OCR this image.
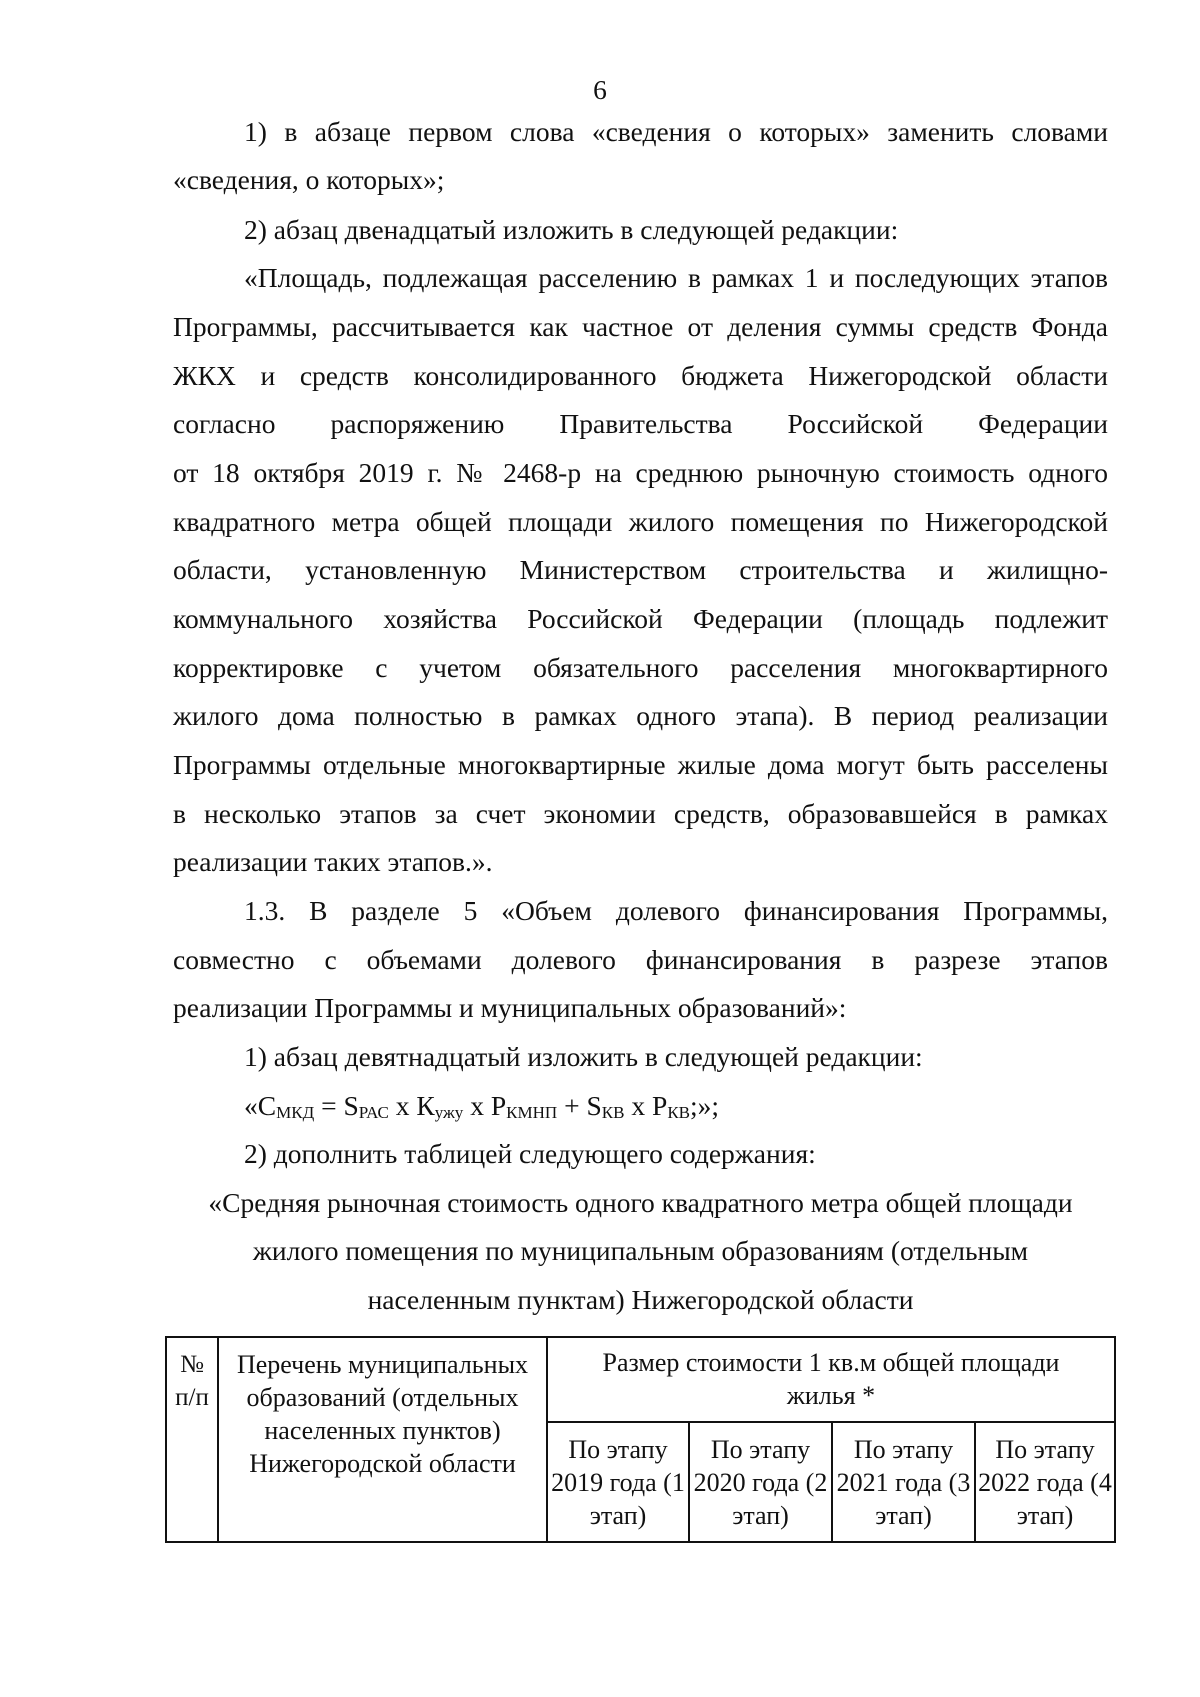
6
1) в абзаце первом слова «сведения о которых» заменить словами
«сведения, о которых»;
2) абзац двенадцатый изложить в следующей редакции:
«Площадь, подлежащая расселению в рамках 1 и последующих этапов
Программы, рассчитывается как частное от деления суммы средств Фонда
ЖКХ и средств консолидированного бюджета Нижегородской области
согласно распоряжению Правительства Российской Федерации
от 18 октября 2019 г. № 2468-р на среднюю рыночную стоимость одного
квадратного метра общей площади жилого помещения по Нижегородской
области, установленную Министерством строительства и жилищно-
коммунального хозяйства Российской Федерации (площадь подлежит
корректировке с учетом обязательного расселения многоквартирного
жилого дома полностью в рамках одного этапа). В период реализации
Программы отдельные многоквартирные жилые дома могут быть расселены
в несколько этапов за счет экономии средств, образовавшейся в рамках
реализации таких этапов.».
1.3. В разделе 5 «Объем долевого финансирования Программы,
совместно с объемами долевого финансирования в разрезе этапов
реализации Программы и муниципальных образований»:
1) абзац девятнадцатый изложить в следующей редакции:
«СМКД = SРАС х Кужу х РКМНП + SКВ х РКВ;»;
2) дополнить таблицей следующего содержания:
«Средняя рыночная стоимость одного квадратного метра общей площади
жилого помещения по муниципальным образованиям (отдельным
населенным пунктам) Нижегородской области
№ п/п	Перечень муниципальных образований (отдельных населенных пунктов) Нижегородской области	Размер стоимости 1 кв.м общей площади жилья *			
		По этапу 2019 года (1 этап)	По этапу 2020 года (2 этап)	По этапу 2021 года (3 этап)	По этапу 2022 года (4 этап)
